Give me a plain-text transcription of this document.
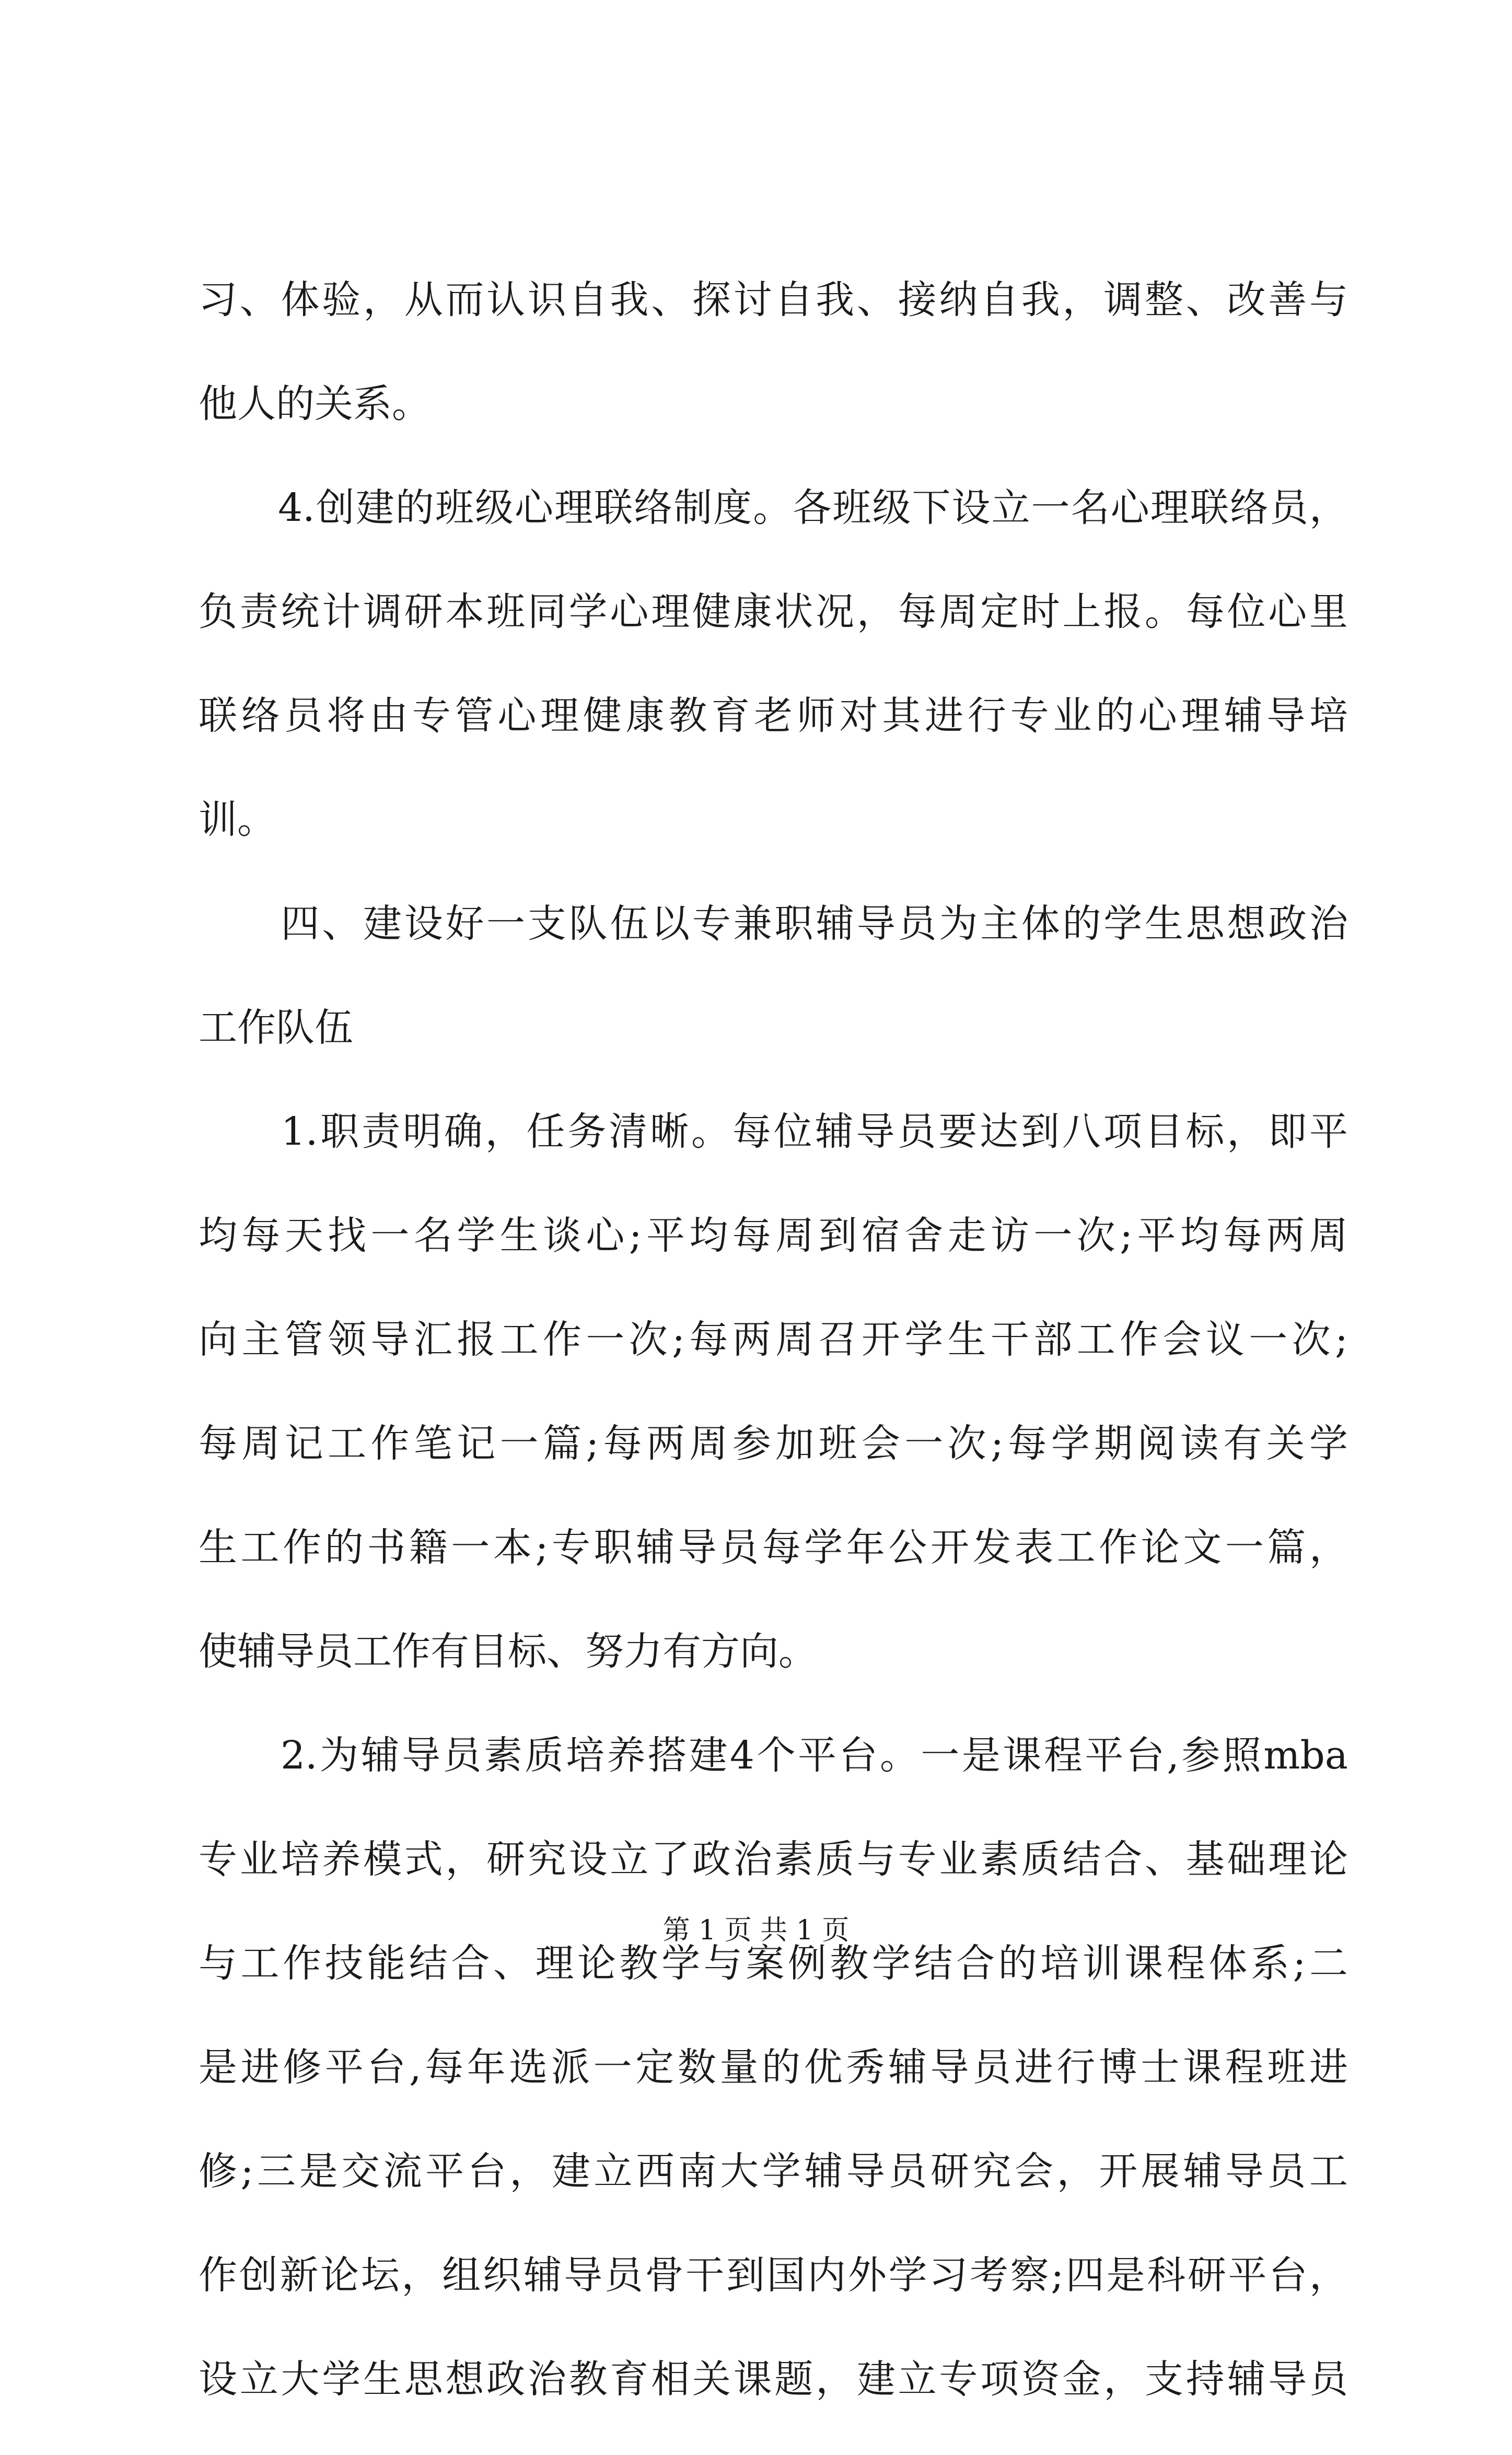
习、体验，从而认识自我、探讨自我、接纳自我，调整、改善与
他人的关系。
　　4.创建的班级心理联络制度。各班级下设立一名心理联络员，
负责统计调研本班同学心理健康状况，每周定时上报。每位心里
联络员将由专管心理健康教育老师对其进行专业的心理辅导培
训。
　　四、建设好一支队伍以专兼职辅导员为主体的学生思想政治
工作队伍
　　1.职责明确，任务清晰。每位辅导员要达到八项目标，即平
均每天找一名学生谈心;平均每周到宿舍走访一次;平均每两周
向主管领导汇报工作一次;每两周召开学生干部工作会议一次;
每周记工作笔记一篇;每两周参加班会一次;每学期阅读有关学
生工作的书籍一本;专职辅导员每学年公开发表工作论文一篇，
使辅导员工作有目标、努力有方向。
　　2.为辅导员素质培养搭建4个平台。一是课程平台,参照mba
专业培养模式，研究设立了政治素质与专业素质结合、基础理论
与工作技能结合、理论教学与案例教学结合的培训课程体系;二
是进修平台,每年选派一定数量的优秀辅导员进行博士课程班进
修;三是交流平台，建立西南大学辅导员研究会，开展辅导员工
作创新论坛，组织辅导员骨干到国内外学习考察;四是科研平台，
设立大学生思想政治教育相关课题，建立专项资金，支持辅导员
第 1 页 共 1 页
